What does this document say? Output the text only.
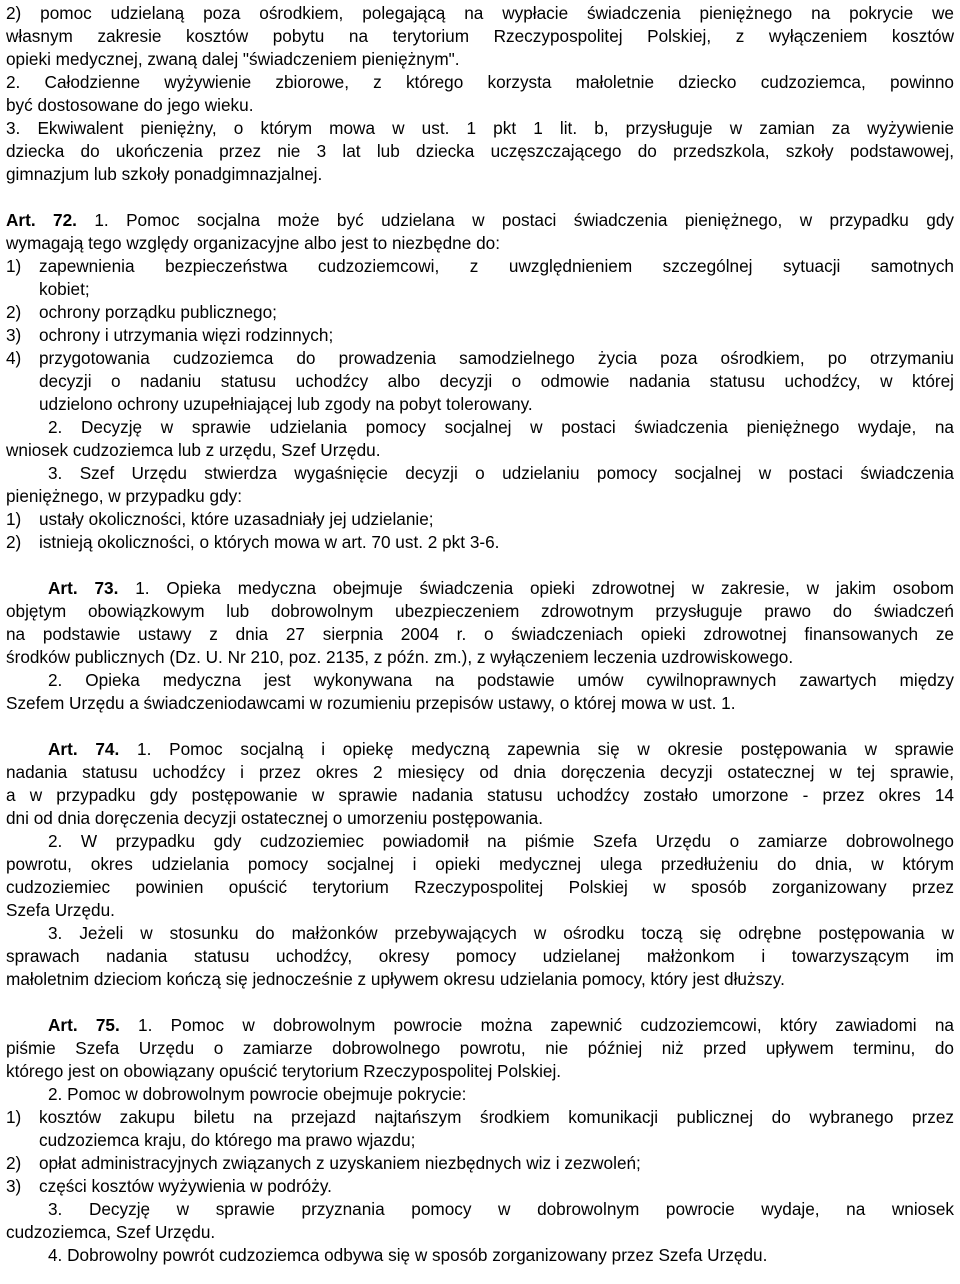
2) pomoc udzielaną poza ośrodkiem, polegającą na wypłacie świadczenia pieniężnego na pokrycie we
własnym zakresie kosztów pobytu na terytorium Rzeczypospolitej Polskiej, z wyłączeniem kosztów
opieki medycznej, zwaną dalej "świadczeniem pieniężnym".
2. Całodzienne wyżywienie zbiorowe, z którego korzysta małoletnie dziecko cudzoziemca, powinno
być dostosowane do jego wieku.
3. Ekwiwalent pieniężny, o którym mowa w ust. 1 pkt 1 lit. b, przysługuje w zamian za wyżywienie
dziecka do ukończenia przez nie 3 lat lub dziecka uczęszczającego do przedszkola, szkoły podstawowej,
gimnazjum lub szkoły ponadgimnazjalnej.
Art. 72. 1. Pomoc socjalna może być udzielana w postaci świadczenia pieniężnego, w przypadku gdy
wymagają tego względy organizacyjne albo jest to niezbędne do:
1) zapewnienia bezpieczeństwa cudzoziemcowi, z uwzględnieniem szczególnej sytuacji samotnych
kobiet;
2) ochrony porządku publicznego;
3) ochrony i utrzymania więzi rodzinnych;
4) przygotowania cudzoziemca do prowadzenia samodzielnego życia poza ośrodkiem, po otrzymaniu
decyzji o nadaniu statusu uchodźcy albo decyzji o odmowie nadania statusu uchodźcy, w której
udzielono ochrony uzupełniającej lub zgody na pobyt tolerowany.
2. Decyzję w sprawie udzielania pomocy socjalnej w postaci świadczenia pieniężnego wydaje, na
wniosek cudzoziemca lub z urzędu, Szef Urzędu.
3. Szef Urzędu stwierdza wygaśnięcie decyzji o udzielaniu pomocy socjalnej w postaci świadczenia
pieniężnego, w przypadku gdy:
1) ustały okoliczności, które uzasadniały jej udzielanie;
2) istnieją okoliczności, o których mowa w art. 70 ust. 2 pkt 3-6.
Art. 73. 1. Opieka medyczna obejmuje świadczenia opieki zdrowotnej w zakresie, w jakim osobom
objętym obowiązkowym lub dobrowolnym ubezpieczeniem zdrowotnym przysługuje prawo do świadczeń
na podstawie ustawy z dnia 27 sierpnia 2004 r. o świadczeniach opieki zdrowotnej finansowanych ze
środków publicznych (Dz. U. Nr 210, poz. 2135, z późn. zm.), z wyłączeniem leczenia uzdrowiskowego.
2. Opieka medyczna jest wykonywana na podstawie umów cywilnoprawnych zawartych między
Szefem Urzędu a świadczeniodawcami w rozumieniu przepisów ustawy, o której mowa w ust. 1.
Art. 74. 1. Pomoc socjalną i opiekę medyczną zapewnia się w okresie postępowania w sprawie
nadania statusu uchodźcy i przez okres 2 miesięcy od dnia doręczenia decyzji ostatecznej w tej sprawie,
a w przypadku gdy postępowanie w sprawie nadania statusu uchodźcy zostało umorzone - przez okres 14
dni od dnia doręczenia decyzji ostatecznej o umorzeniu postępowania.
2. W przypadku gdy cudzoziemiec powiadomił na piśmie Szefa Urzędu o zamiarze dobrowolnego
powrotu, okres udzielania pomocy socjalnej i opieki medycznej ulega przedłużeniu do dnia, w którym
cudzoziemiec powinien opuścić terytorium Rzeczypospolitej Polskiej w sposób zorganizowany przez
Szefa Urzędu.
3. Jeżeli w stosunku do małżonków przebywających w ośrodku toczą się odrębne postępowania w
sprawach nadania statusu uchodźcy, okresy pomocy udzielanej małżonkom i towarzyszącym im
małoletnim dzieciom kończą się jednocześnie z upływem okresu udzielania pomocy, który jest dłuższy.
Art. 75. 1. Pomoc w dobrowolnym powrocie można zapewnić cudzoziemcowi, który zawiadomi na
piśmie Szefa Urzędu o zamiarze dobrowolnego powrotu, nie później niż przed upływem terminu, do
którego jest on obowiązany opuścić terytorium Rzeczypospolitej Polskiej.
2. Pomoc w dobrowolnym powrocie obejmuje pokrycie:
1) kosztów zakupu biletu na przejazd najtańszym środkiem komunikacji publicznej do wybranego przez
cudzoziemca kraju, do którego ma prawo wjazdu;
2) opłat administracyjnych związanych z uzyskaniem niezbędnych wiz i zezwoleń;
3) części kosztów wyżywienia w podróży.
3. Decyzję w sprawie przyznania pomocy w dobrowolnym powrocie wydaje, na wniosek
cudzoziemca, Szef Urzędu.
4. Dobrowolny powrót cudzoziemca odbywa się w sposób zorganizowany przez Szefa Urzędu.
